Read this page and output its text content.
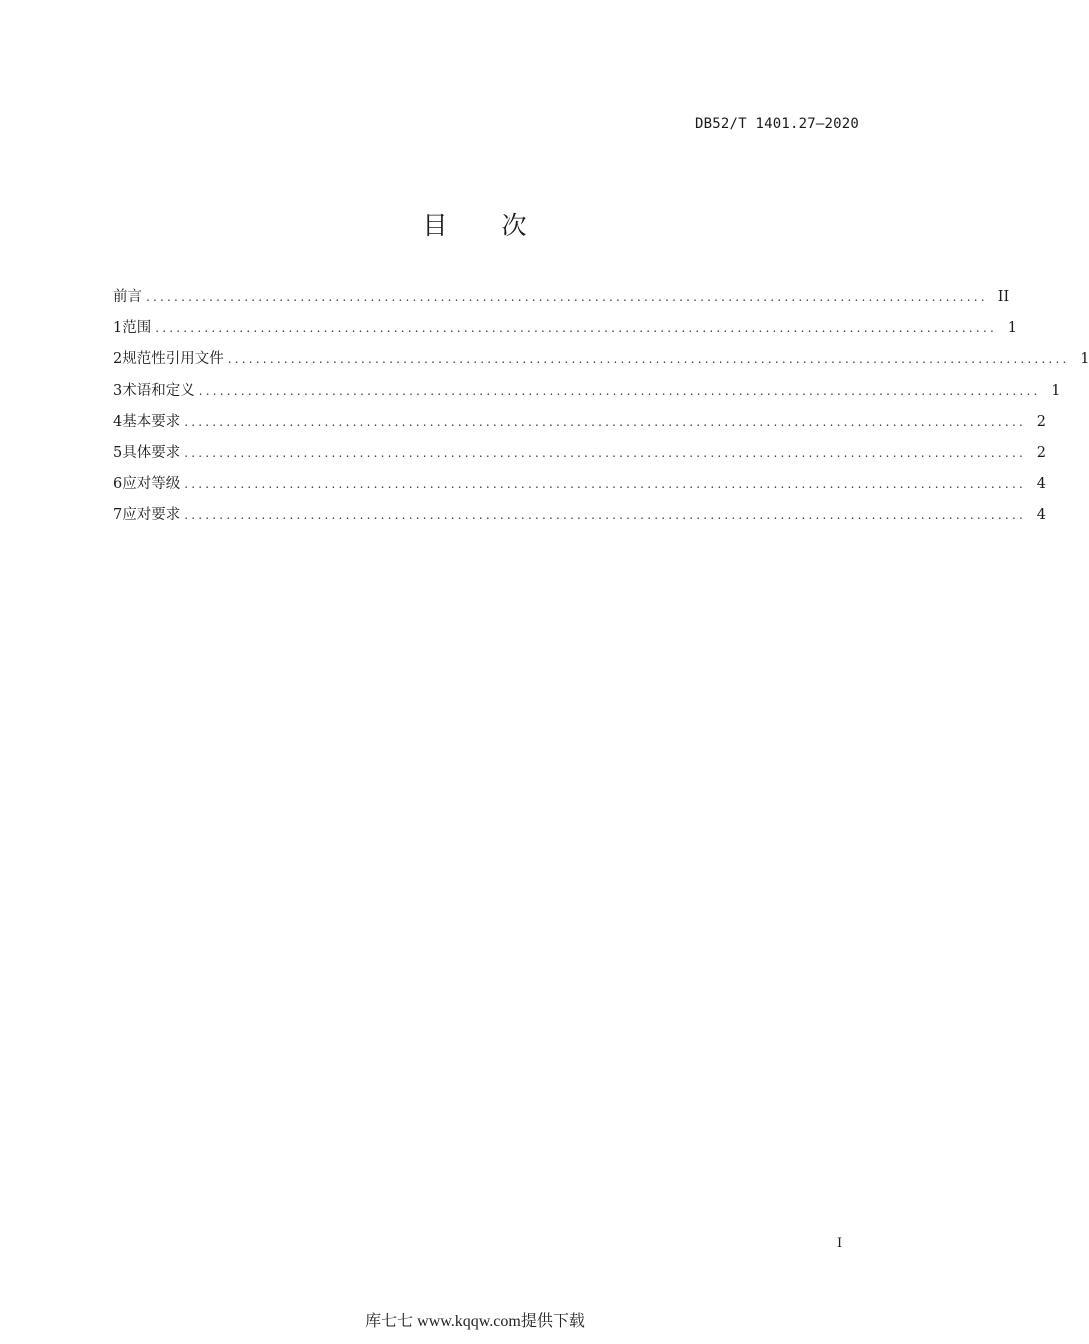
DB52/T 1401.27—2020
目 次
前言 ........................................................................................................................ II
1 范围 ........................................................................................................................ 1
2 规范性引用文件 ........................................................................................................................ 1
3 术语和定义 ........................................................................................................................ 1
4 基本要求 ........................................................................................................................ 2
5 具体要求 ........................................................................................................................ 2
6 应对等级 ........................................................................................................................ 4
7 应对要求 ........................................................................................................................ 4
I
库七七 www.kqqw.com提供下载
